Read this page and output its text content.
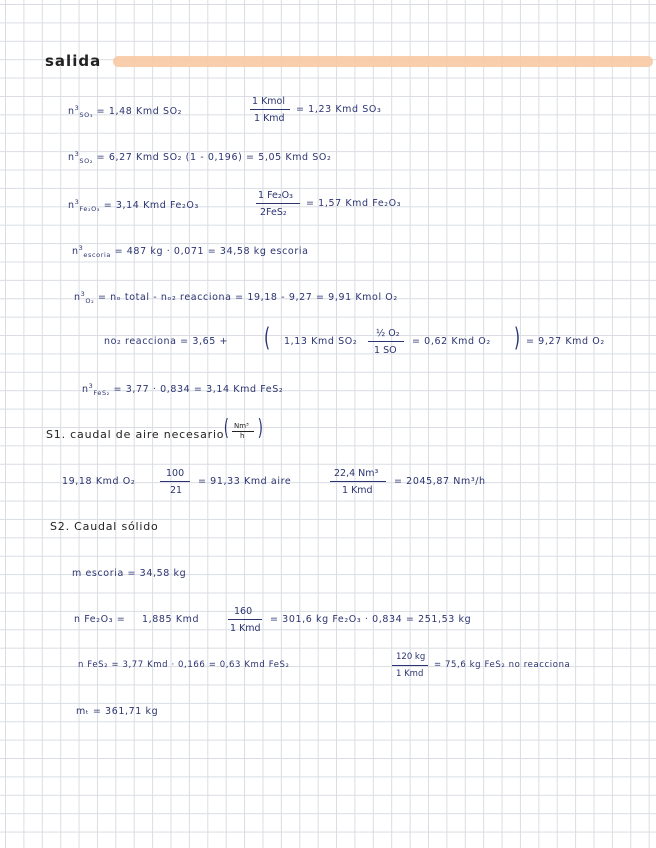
salida
$n^3_{SO_3} = 1,48$ Kmd SO₂
1 Kmol
1 Kmd
= 1,23 Kmd SO₃
$n^3_{SO_2} = 6,27$ Kmd SO₂ (1 - 0,196) = 5,05 Kmd SO₂
$n^3_{Fe_2O_3} = 3,14$ Kmd Fe₂O₃
1 Fe₂O₃
2FeS₂
= 1,57 Kmd Fe₂O₃
$n^3_{escoria} = 487$ kg · 0,071 = 34,58 kg escoria
$n^3_{O_2} = n_o$ total - nₒ₂ reacciona = 19,18 - 9,27 = 9,91 Kmol O₂
no₂ reacciona = 3,65 + ( 1,13 Kmd SO₂
½ O₂
1 SO
= 0,62 Kmd O₂ ) = 9,27 Kmd O₂
$n^3_{FeS_2} = 3,77 \cdot 0,834 = 3,14$ Kmd FeS₂
S1. caudal de aire necesario ( Nm³
h )
19,18 Kmd O₂
100
21
= 91,33 Kmd aire
22,4 Nm³
1 Kmd
= 2045,87 Nm³/h
S2. Caudal sólido
m escoria = 34,58 kg
n Fe₂O₃ = 1,885 Kmd
160
1 Kmd
= 301,6 kg Fe₂O₃ · 0,834 = 251,53 kg
n FeS₂ = 3,77 Kmd · 0,166 = 0,63 Kmd FeS₂
120 kg
1 Kmd
= 75,6 kg FeS₂ no reacciona
mₜ = 361,71 kg
